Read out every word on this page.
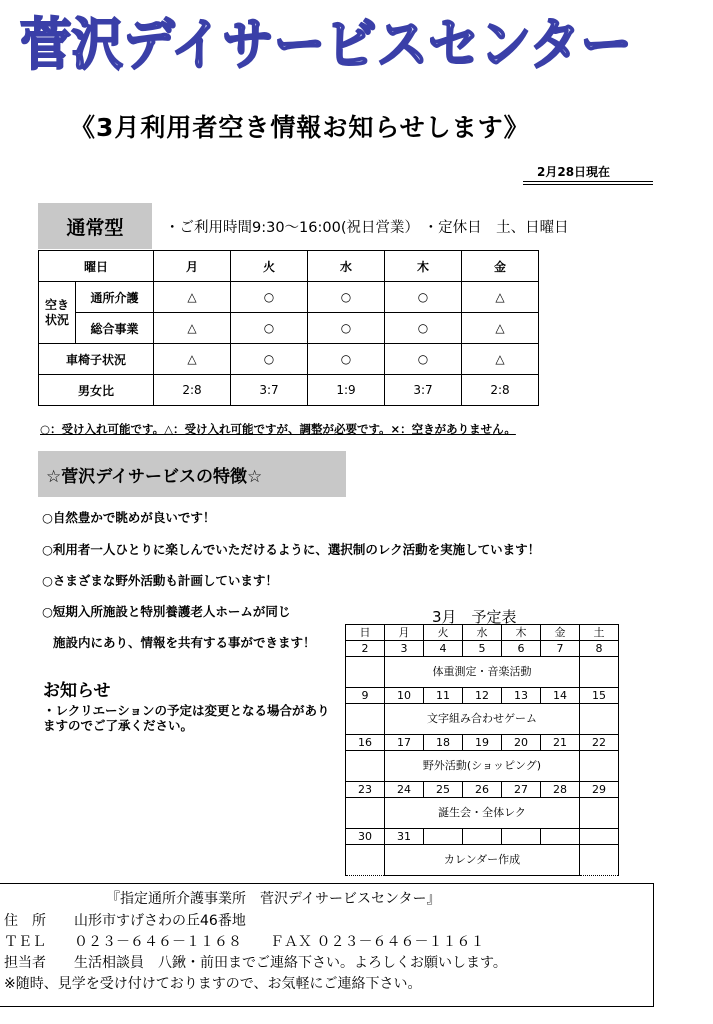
菅沢デイサービスセンター
《3月利用者空き情報お知らせします》
2月28日現在
通常型	・ご利用時間9:30～16:00(祝日営業） ・定休日　土、日曜日
曜日		月	火	水	木	金
空き
状況	通所介護	△	○	○	○	△
	総合事業	△	○	○	○	△
車椅子状況		△	○	○	○	△
男女比		2:8	3:7	1:9	3:7	2:8
○：受け入れ可能です。△：受け入れ可能ですが、調整が必要です。×：空きがありません。
☆菅沢デイサービスの特徴☆
○自然豊かで眺めが良いです！
○利用者一人ひとりに楽しんでいただけるように、選択制のレク活動を実施しています！
○さまざまな野外活動も計画しています！
○短期入所施設と特別養護老人ホームが同じ
施設内にあり、情報を共有する事ができます！
お知らせ
・レクリエーションの予定は変更となる場合がありますのでご了承ください。
3月　予定表
日	月	火	水	木	金	土
2	3	4	5	6	7	8
	体重測定・音楽活動					
9	10	11	12	13	14	15
	文字組み合わせゲーム					
16	17	18	19	20	21	22
	野外活動(ショッピング)					
23	24	25	26	27	28	29
	誕生会・全体レク					
30	31					
	カレンダー作成					
『指定通所介護事業所　菅沢デイサービスセンター』
住　所　　山形市すげさわの丘46番地
ＴＥＬ　　０２３－６４６－１１６８　　ＦＡＸ ０２３－６４６－１１６１
担当者　　生活相談員　八鍬・前田までご連絡下さい。よろしくお願いします。
※随時、見学を受け付けておりますので、お気軽にご連絡下さい。
